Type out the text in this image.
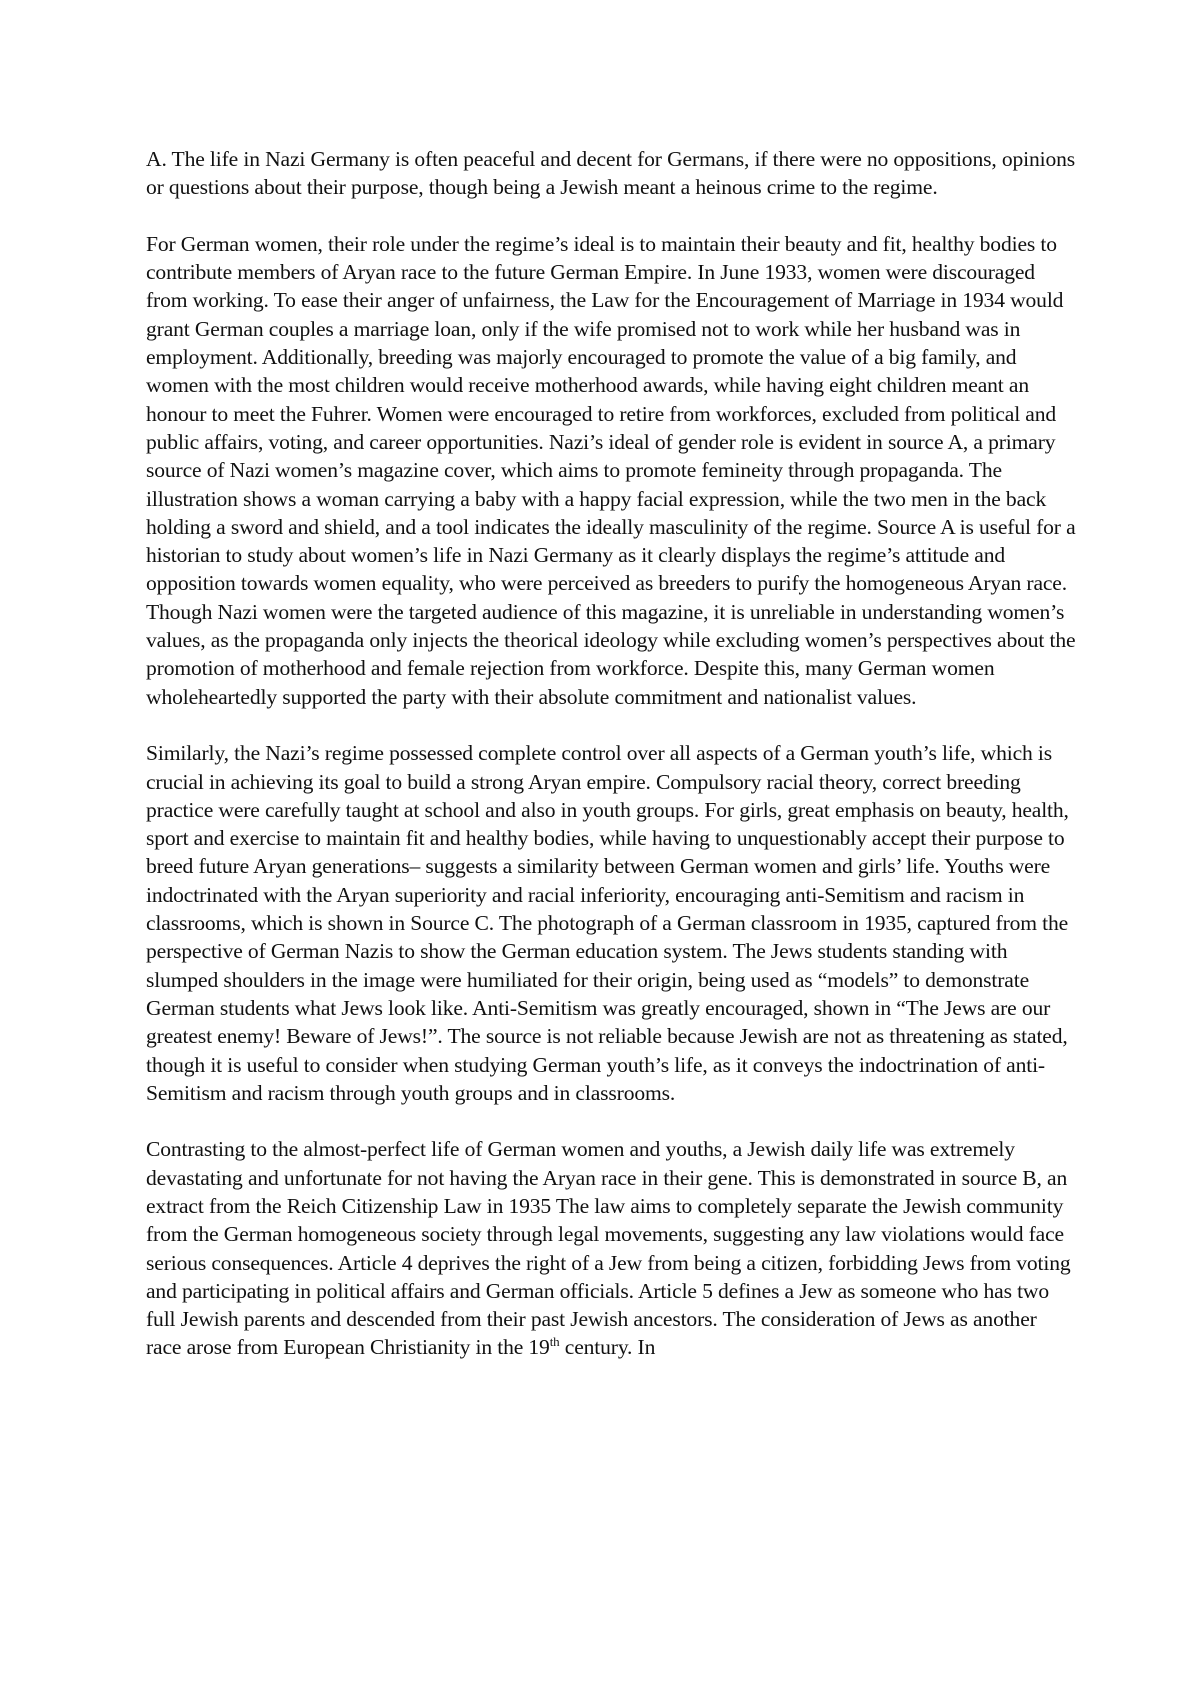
A. The life in Nazi Germany is often peaceful and decent for Germans, if there were no oppositions, opinions or questions about their purpose, though being a Jewish meant a heinous crime to the regime.

For German women, their role under the regime’s ideal is to maintain their beauty and fit, healthy bodies to contribute members of Aryan race to the future German Empire. In June 1933, women were discouraged from working. To ease their anger of unfairness, the Law for the Encouragement of Marriage in 1934 would grant German couples a marriage loan, only if the wife promised not to work while her husband was in employment. Additionally, breeding was majorly encouraged to promote the value of a big family, and women with the most children would receive motherhood awards, while having eight children meant an honour to meet the Fuhrer. Women were encouraged to retire from workforces, excluded from political and public affairs, voting, and career opportunities. Nazi’s ideal of gender role is evident in source A, a primary source of Nazi women’s magazine cover, which aims to promote femineity through propaganda. The illustration shows a woman carrying a baby with a happy facial expression, while the two men in the back holding a sword and shield, and a tool indicates the ideally masculinity of the regime. Source A is useful for a historian to study about women’s life in Nazi Germany as it clearly displays the regime’s attitude and opposition towards women equality, who were perceived as breeders to purify the homogeneous Aryan race. Though Nazi women were the targeted audience of this magazine, it is unreliable in understanding women’s values, as the propaganda only injects the theorical ideology while excluding women’s perspectives about the promotion of motherhood and female rejection from workforce. Despite this, many German women wholeheartedly supported the party with their absolute commitment and nationalist values.

Similarly, the Nazi’s regime possessed complete control over all aspects of a German youth’s life, which is crucial in achieving its goal to build a strong Aryan empire. Compulsory racial theory, correct breeding practice were carefully taught at school and also in youth groups. For girls, great emphasis on beauty, health, sport and exercise to maintain fit and healthy bodies, while having to unquestionably accept their purpose to breed future Aryan generations– suggests a similarity between German women and girls’ life. Youths were indoctrinated with the Aryan superiority and racial inferiority, encouraging anti-Semitism and racism in classrooms, which is shown in Source C. The photograph of a German classroom in 1935, captured from the perspective of German Nazis to show the German education system. The Jews students standing with slumped shoulders in the image were humiliated for their origin, being used as “models” to demonstrate German students what Jews look like. Anti-Semitism was greatly encouraged, shown in “The Jews are our greatest enemy! Beware of Jews!”. The source is not reliable because Jewish are not as threatening as stated, though it is useful to consider when studying German youth’s life, as it conveys the indoctrination of anti-Semitism and racism through youth groups and in classrooms.

Contrasting to the almost-perfect life of German women and youths, a Jewish daily life was extremely devastating and unfortunate for not having the Aryan race in their gene. This is demonstrated in source B, an extract from the Reich Citizenship Law in 1935 The law aims to completely separate the Jewish community from the German homogeneous society through legal movements, suggesting any law violations would face serious consequences. Article 4 deprives the right of a Jew from being a citizen, forbidding Jews from voting and participating in political affairs and German officials. Article 5 defines a Jew as someone who has two full Jewish parents and descended from their past Jewish ancestors. The consideration of Jews as another race arose from European Christianity in the 19th century. In
